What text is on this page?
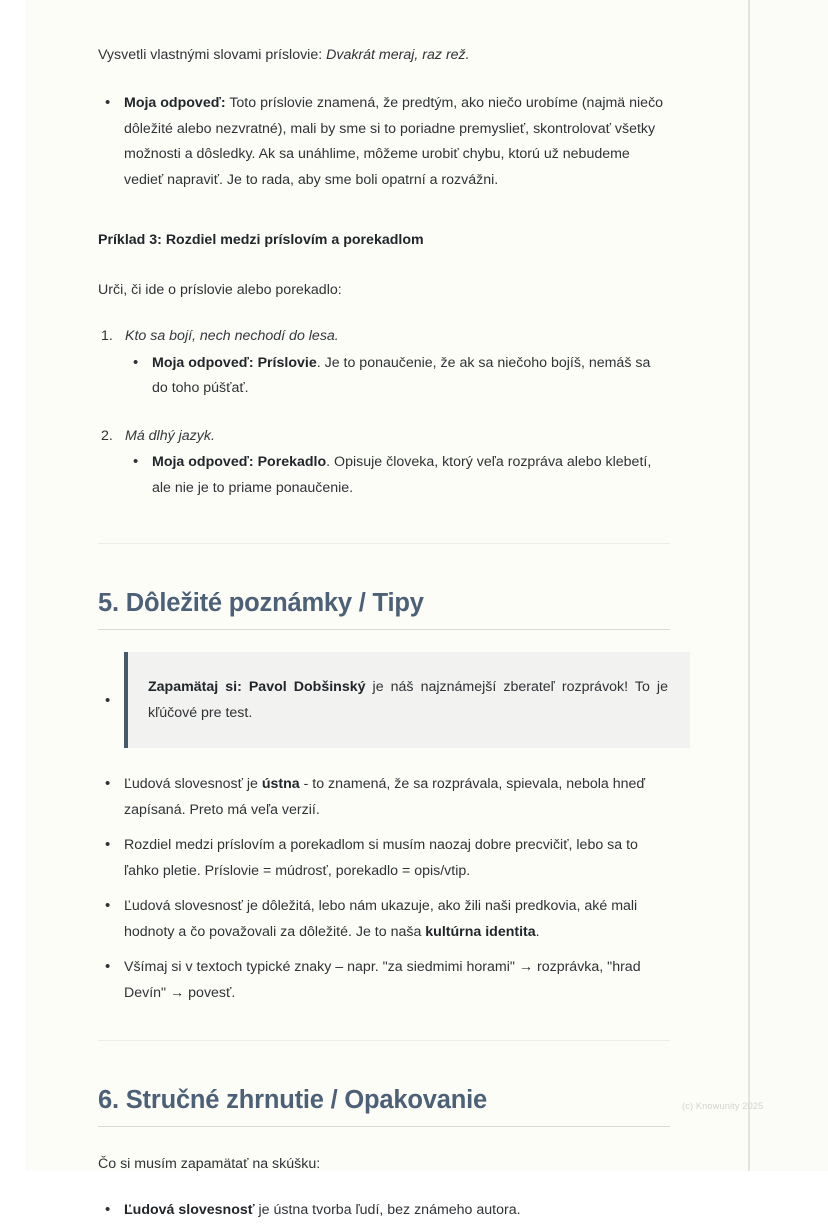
Vysvetli vlastnými slovami príslovie: Dvakrát meraj, raz rež.

• Moja odpoveď: Toto príslovie znamená, že predtým, ako niečo urobíme (najmä niečo dôležité alebo nezvratné), mali by sme si to poriadne premyslieť, skontrolovať všetky možnosti a dôsledky. Ak sa unáhlime, môžeme urobiť chybu, ktorú už nebudeme vedieť napraviť. Je to rada, aby sme boli opatrní a rozvážni.
Príklad 3: Rozdiel medzi príslovím a porekadlom

Urči, či ide o príslovie alebo porekadlo:

1 . Kto sa bojí, nech nechodí do lesa.
• Moja odpoveď: Príslovie. Je to ponaučenie, že ak sa niečoho bojíš, nemáš sa do toho púšťať.
2 . Má dlhý jazyk.
• Moja odpoveď: Porekadlo. Opisuje človeka, ktorý veľa rozpráva alebo klebetí, ale nie je to priame ponaučenie.
5. Dôležité poznámky / Tipy

• Zapamätaj si: Pavol Dobšinský je náš najznámejší zberateľ rozprávok! To je kľúčové pre test.

• Ľudová slovesnosť je ústna - to znamená, že sa rozprávala, spievala, nebola hneď zapísaná. Preto má veľa verzií.
• Rozdiel medzi príslovím a porekadlom si musím naozaj dobre precvičiť, lebo sa to ľahko pletie. Príslovie = múdrosť, porekadlo = opis/vtip.
• Ľudová slovesnosť je dôležitá, lebo nám ukazuje, ako žili naši predkovia, aké mali hodnoty a čo považovali za dôležité. Je to naša kultúrna identita.
• Všímaj si v textoch typické znaky – napr. "za siedmimi horami" → rozprávka, "hrad Devín" → povesť.
6. Stručné zhrnutie / Opakovanie

Čo si musím zapamätať na skúšku:

• Ľudová slovesnosť je ústna tvorba ľudí, bez známeho autora.
(c) Knowunity 2025
